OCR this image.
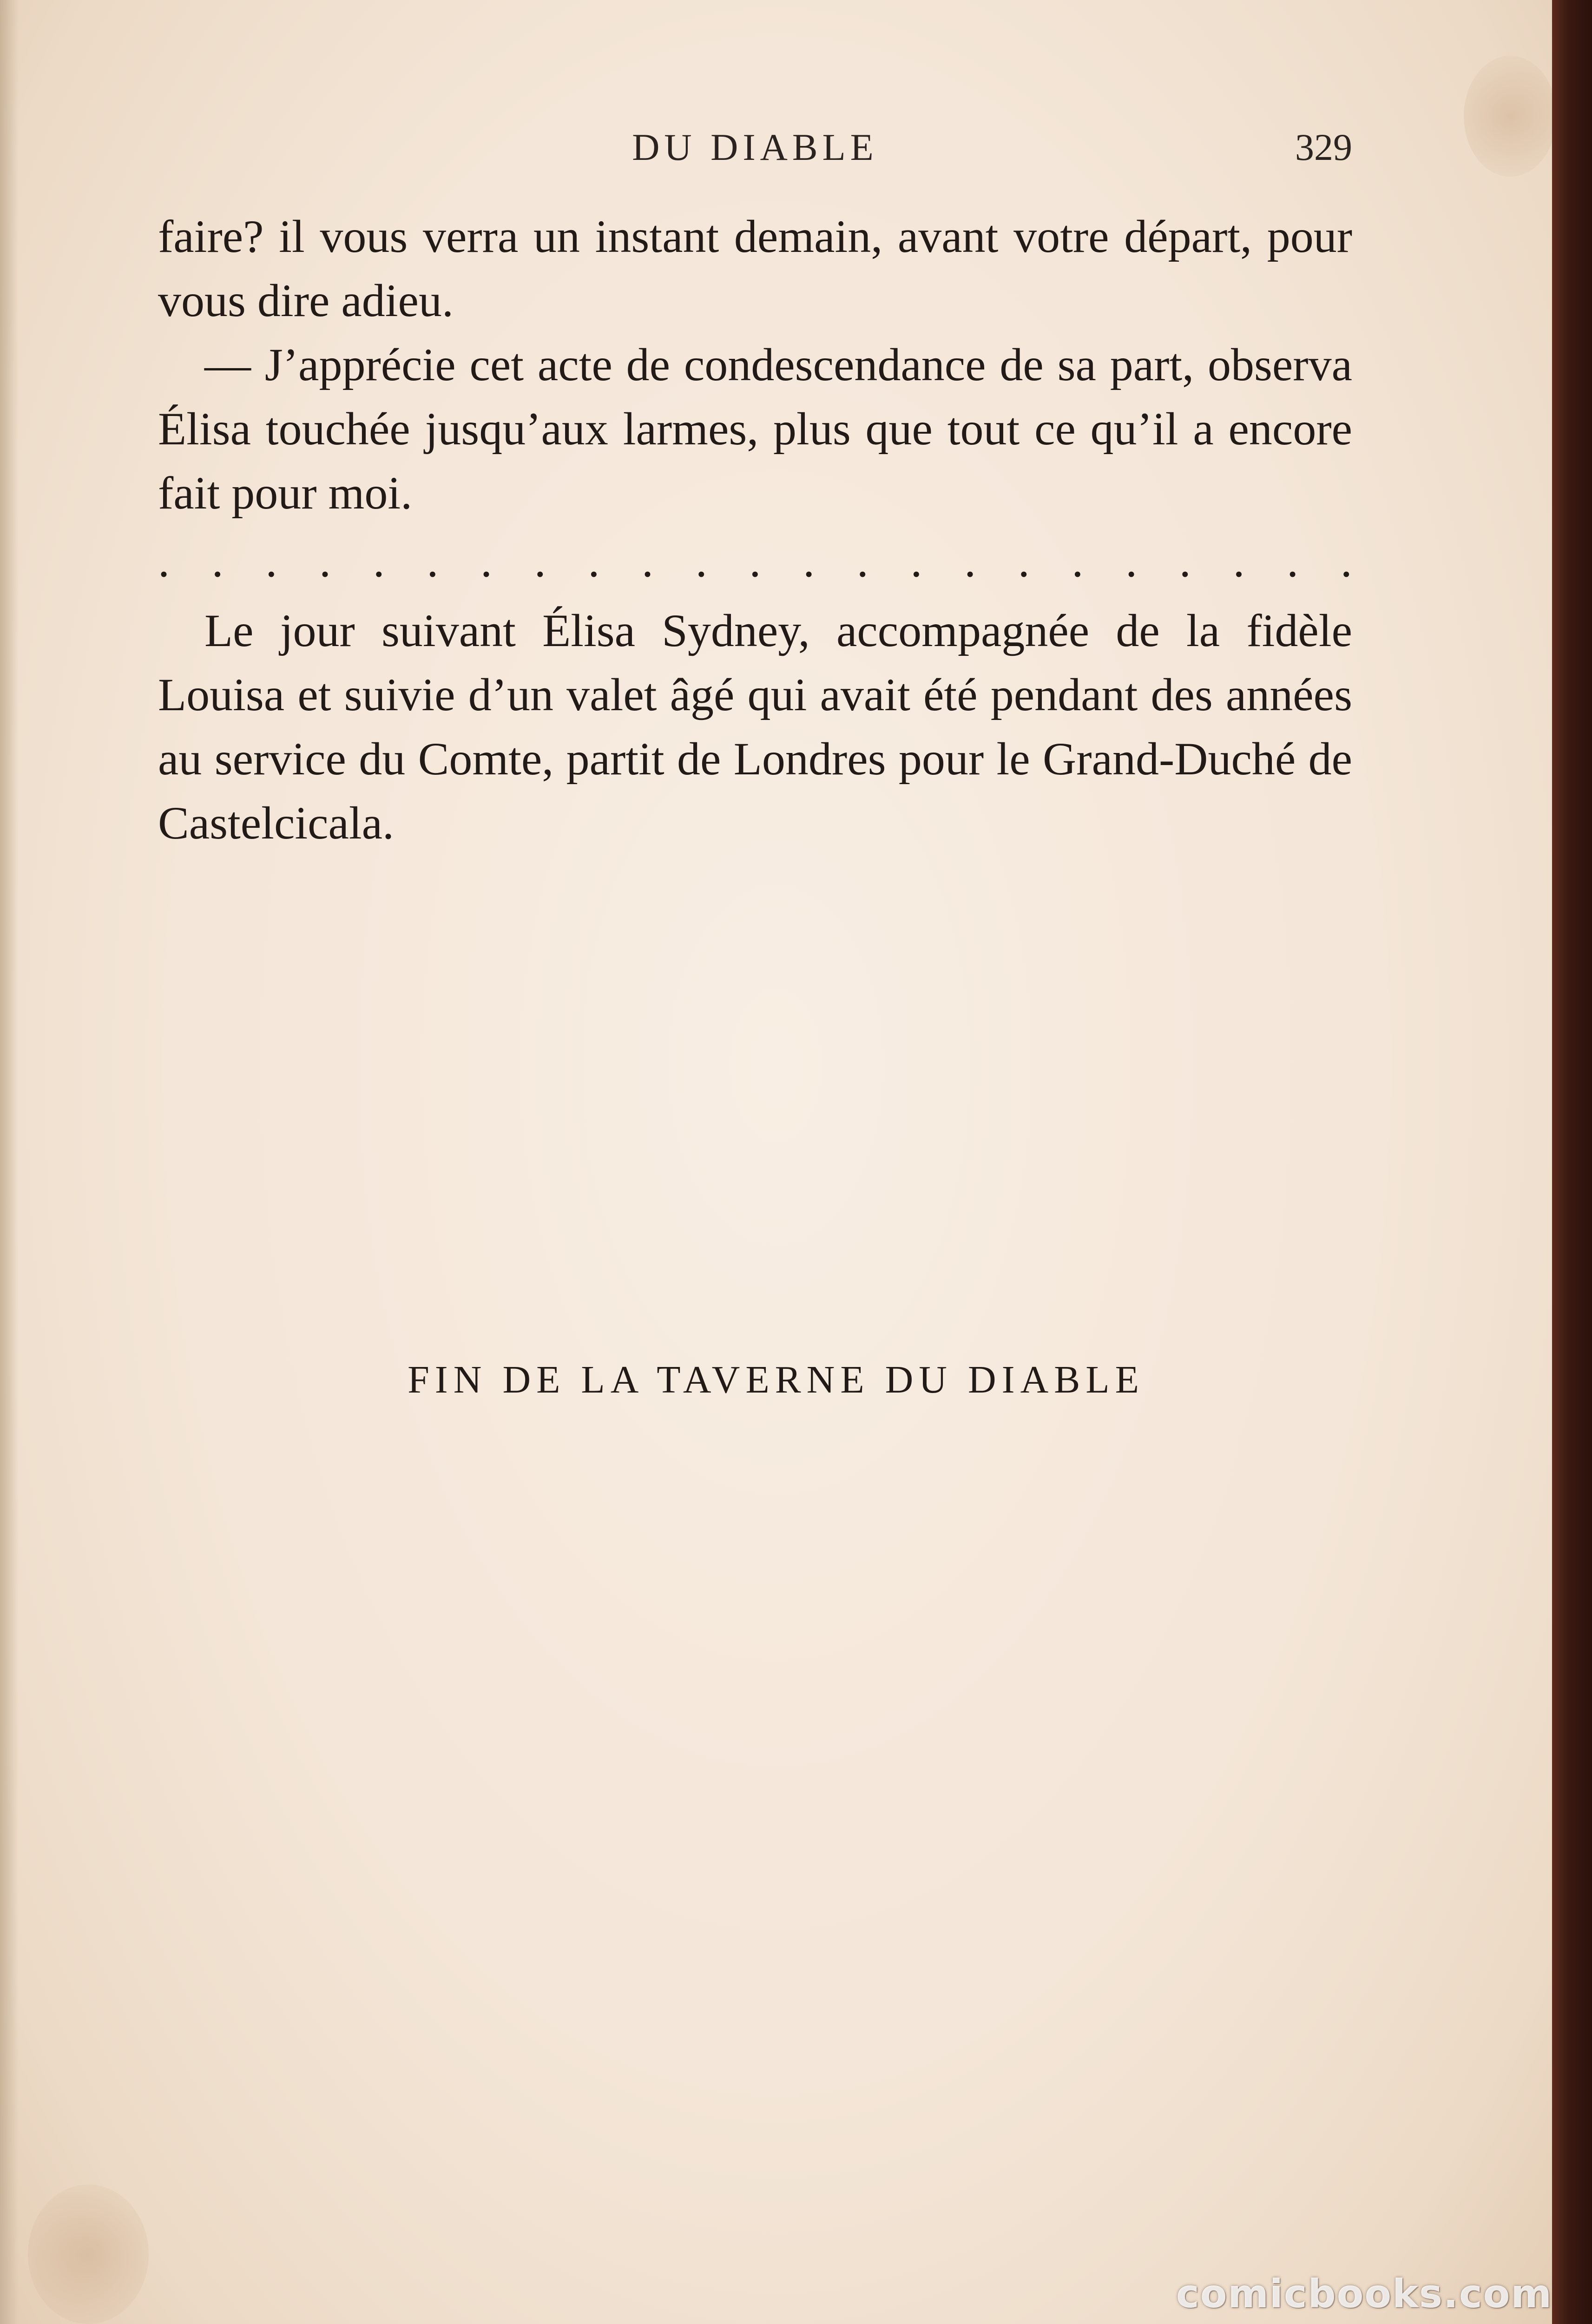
DU DIABLE	329

faire? il vous verra un instant demain, avant votre départ, pour vous dire adieu.

— J’apprécie cet acte de condescendance de sa part, observa Élisa touchée jusqu’aux larmes, plus que tout ce qu’il a encore fait pour moi.

. . . . . . . . . . . . . . . . . . . . . . .

Le jour suivant Élisa Sydney, accompagnée de la fidèle Louisa et suivie d’un valet âgé qui avait été pendant des années au service du Comte, partit de Londres pour le Grand-Duché de Castelcicala.

FIN DE LA TAVERNE DU DIABLE
comicbooks.com
